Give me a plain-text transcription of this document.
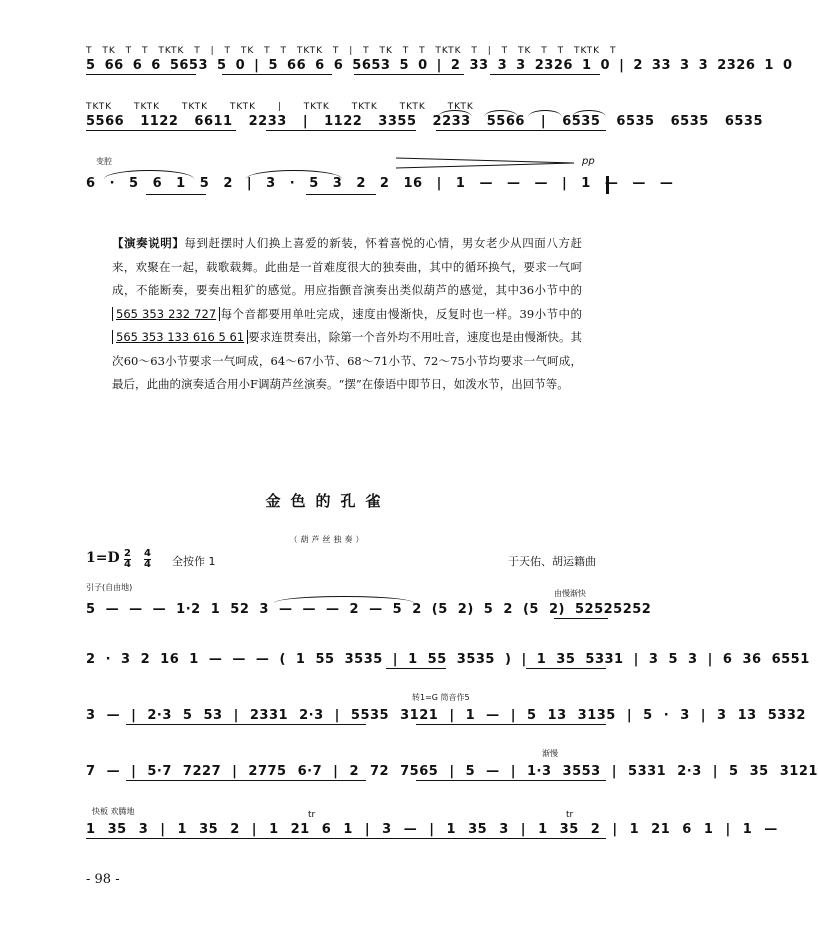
T TK T T TKTK T | T TK T T TKTK T | T TK T T TKTK T | T TK T T TKTK T
5 66 6 6 5653 5 0 | 5 66 6 6 5653 5 0 | 2 33 3 3 2326 1 0 | 2 33 3 3 2326 1 0
TKTK TKTK TKTK TKTK | TKTK TKTK TKTK TKTK
5566 1122 6611 2233 | 1122 3355 2233 5566 | 6535 6535 6535 6535
变腔	pp
6 · 5 6 1 5 2 | 3 · 5 3 2 2 16 | 1 — — — | 1 — — —
【演奏说明】每到赶摆时人们换上喜爱的新装，怀着喜悦的心情，男女老少从四面八方赶来，欢聚在一起，载歌载舞。此曲是一首难度很大的独奏曲，其中的循环换气，要求一气呵成，不能断奏，要奏出粗犷的感觉。用应指颤音演奏出类似葫芦的感觉，其中36小节中的 565 353 232 727 每个音都要用单吐完成，速度由慢渐快，反复时也一样。39小节中的 565 353 133 616 5 61 要求连贯奏出，除第一个音外均不用吐音，速度也是由慢渐快。其次60～63小节要求一气呵成，64～67小节、68～71小节、72～75小节均要求一气呵成，最后，此曲的演奏适合用小F调葫芦丝演奏。“摆”在傣语中即节日，如泼水节，出回节等。
金色的孔雀
（葫芦丝独奏）
1=D 2
4
4
4 全按作 1	于天佑、胡运籍曲
引子(自由地)
由慢渐快
5 — — — 1·2 1 52 3 — — — 2 — 5 2 (5 2) 5 2 (5 2) 52525252
2 · 3 2 16 1 — — — ( 1 55 3535 | 1 55 3535 ) | 1 35 5331 | 3 5 3 | 6 36 6551
转1=G 筒音作5
3 — | 2·3 5 53 | 2331 2·3 | 5535 3121 | 1 — | 5 13 3135 | 5 · 3 | 3 13 5332
渐慢
7 — | 5·7 7227 | 2775 6·7 | 2 72 7565 | 5 — | 1·3 3553 | 5331 2·3 | 5 35 3121
快板 欢腾地	tr	tr
1 35 3 | 1 35 2 | 1 21 6 1 | 3 — | 1 35 3 | 1 35 2 | 1 21 6 1 | 1 —
- 98 -
